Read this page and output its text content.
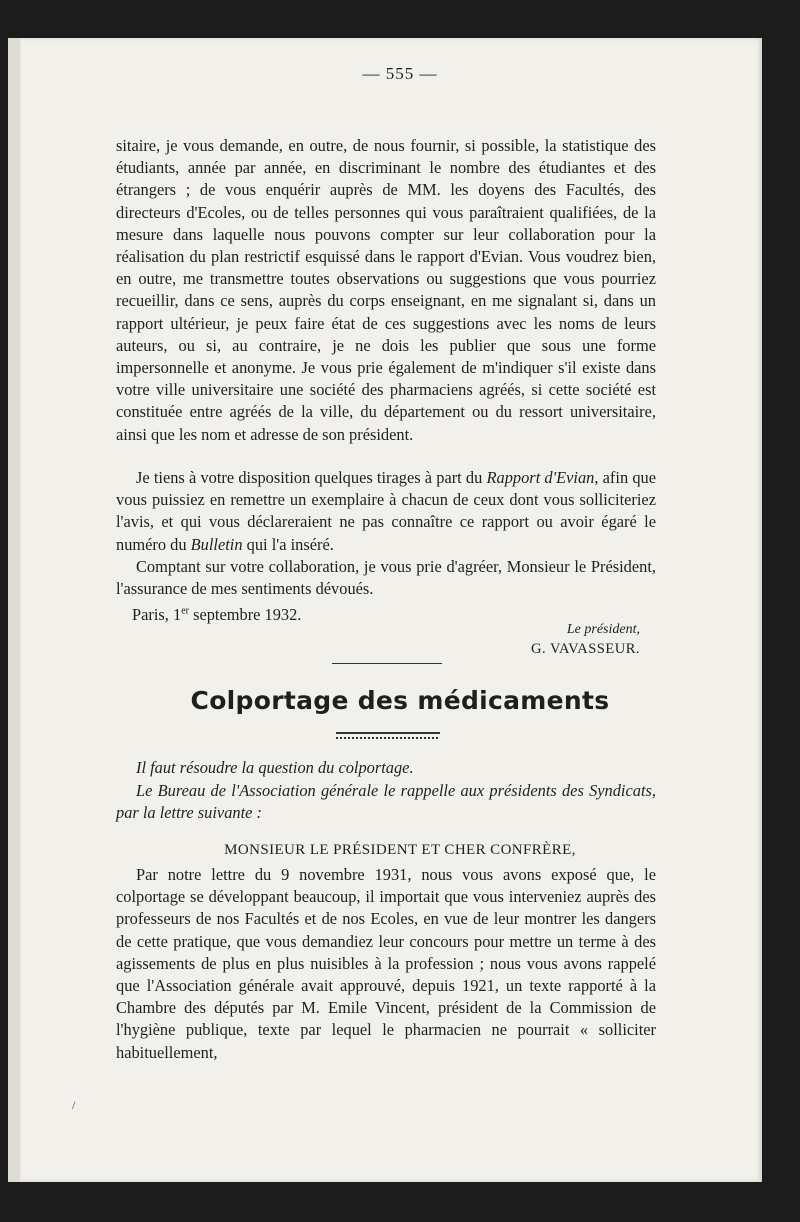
— 555 —

sitaire, je vous demande, en outre, de nous fournir, si possible, la statistique des étudiants, année par année, en discriminant le nombre des étudiantes et des étrangers ; de vous enquérir auprès de MM. les doyens des Facultés, des directeurs d'Ecoles, ou de telles personnes qui vous paraîtraient qualifiées, de la mesure dans laquelle nous pouvons compter sur leur collaboration pour la réalisation du plan restrictif esquissé dans le rapport d'Evian. Vous voudrez bien, en outre, me transmettre toutes observations ou suggestions que vous pourriez recueillir, dans ce sens, auprès du corps enseignant, en me signalant si, dans un rapport ultérieur, je peux faire état de ces suggestions avec les noms de leurs auteurs, ou si, au contraire, je ne dois les publier que sous une forme impersonnelle et anonyme. Je vous prie également de m'indiquer s'il existe dans votre ville universitaire une société des pharmaciens agréés, si cette société est constituée entre agréés de la ville, du département ou du ressort universitaire, ainsi que les nom et adresse de son président.

Je tiens à votre disposition quelques tirages à part du Rapport d'Evian, afin que vous puissiez en remettre un exemplaire à chacun de ceux dont vous solliciteriez l'avis, et qui vous déclareraient ne pas connaître ce rapport ou avoir égaré le numéro du Bulletin qui l'a inséré.

Comptant sur votre collaboration, je vous prie d'agréer, Monsieur le Président, l'assurance de mes sentiments dévoués.

Paris, 1er septembre 1932.
Le président,
G. VAVASSEUR.
Colportage des médicaments

Il faut résoudre la question du colportage.

Le Bureau de l'Association générale le rappelle aux présidents des Syndicats, par la lettre suivante :

MONSIEUR LE PRÉSIDENT ET CHER CONFRÈRE,

Par notre lettre du 9 novembre 1931, nous vous avons exposé que, le colportage se développant beaucoup, il importait que vous interveniez auprès des professeurs de nos Facultés et de nos Ecoles, en vue de leur montrer les dangers de cette pratique, que vous demandiez leur concours pour mettre un terme à des agissements de plus en plus nuisibles à la profession ; nous vous avons rappelé que l'Association générale avait approuvé, depuis 1921, un texte rapporté à la Chambre des députés par M. Emile Vincent, président de la Commission de l'hygiène publique, texte par lequel le pharmacien ne pourrait « solliciter habituellement,

/
